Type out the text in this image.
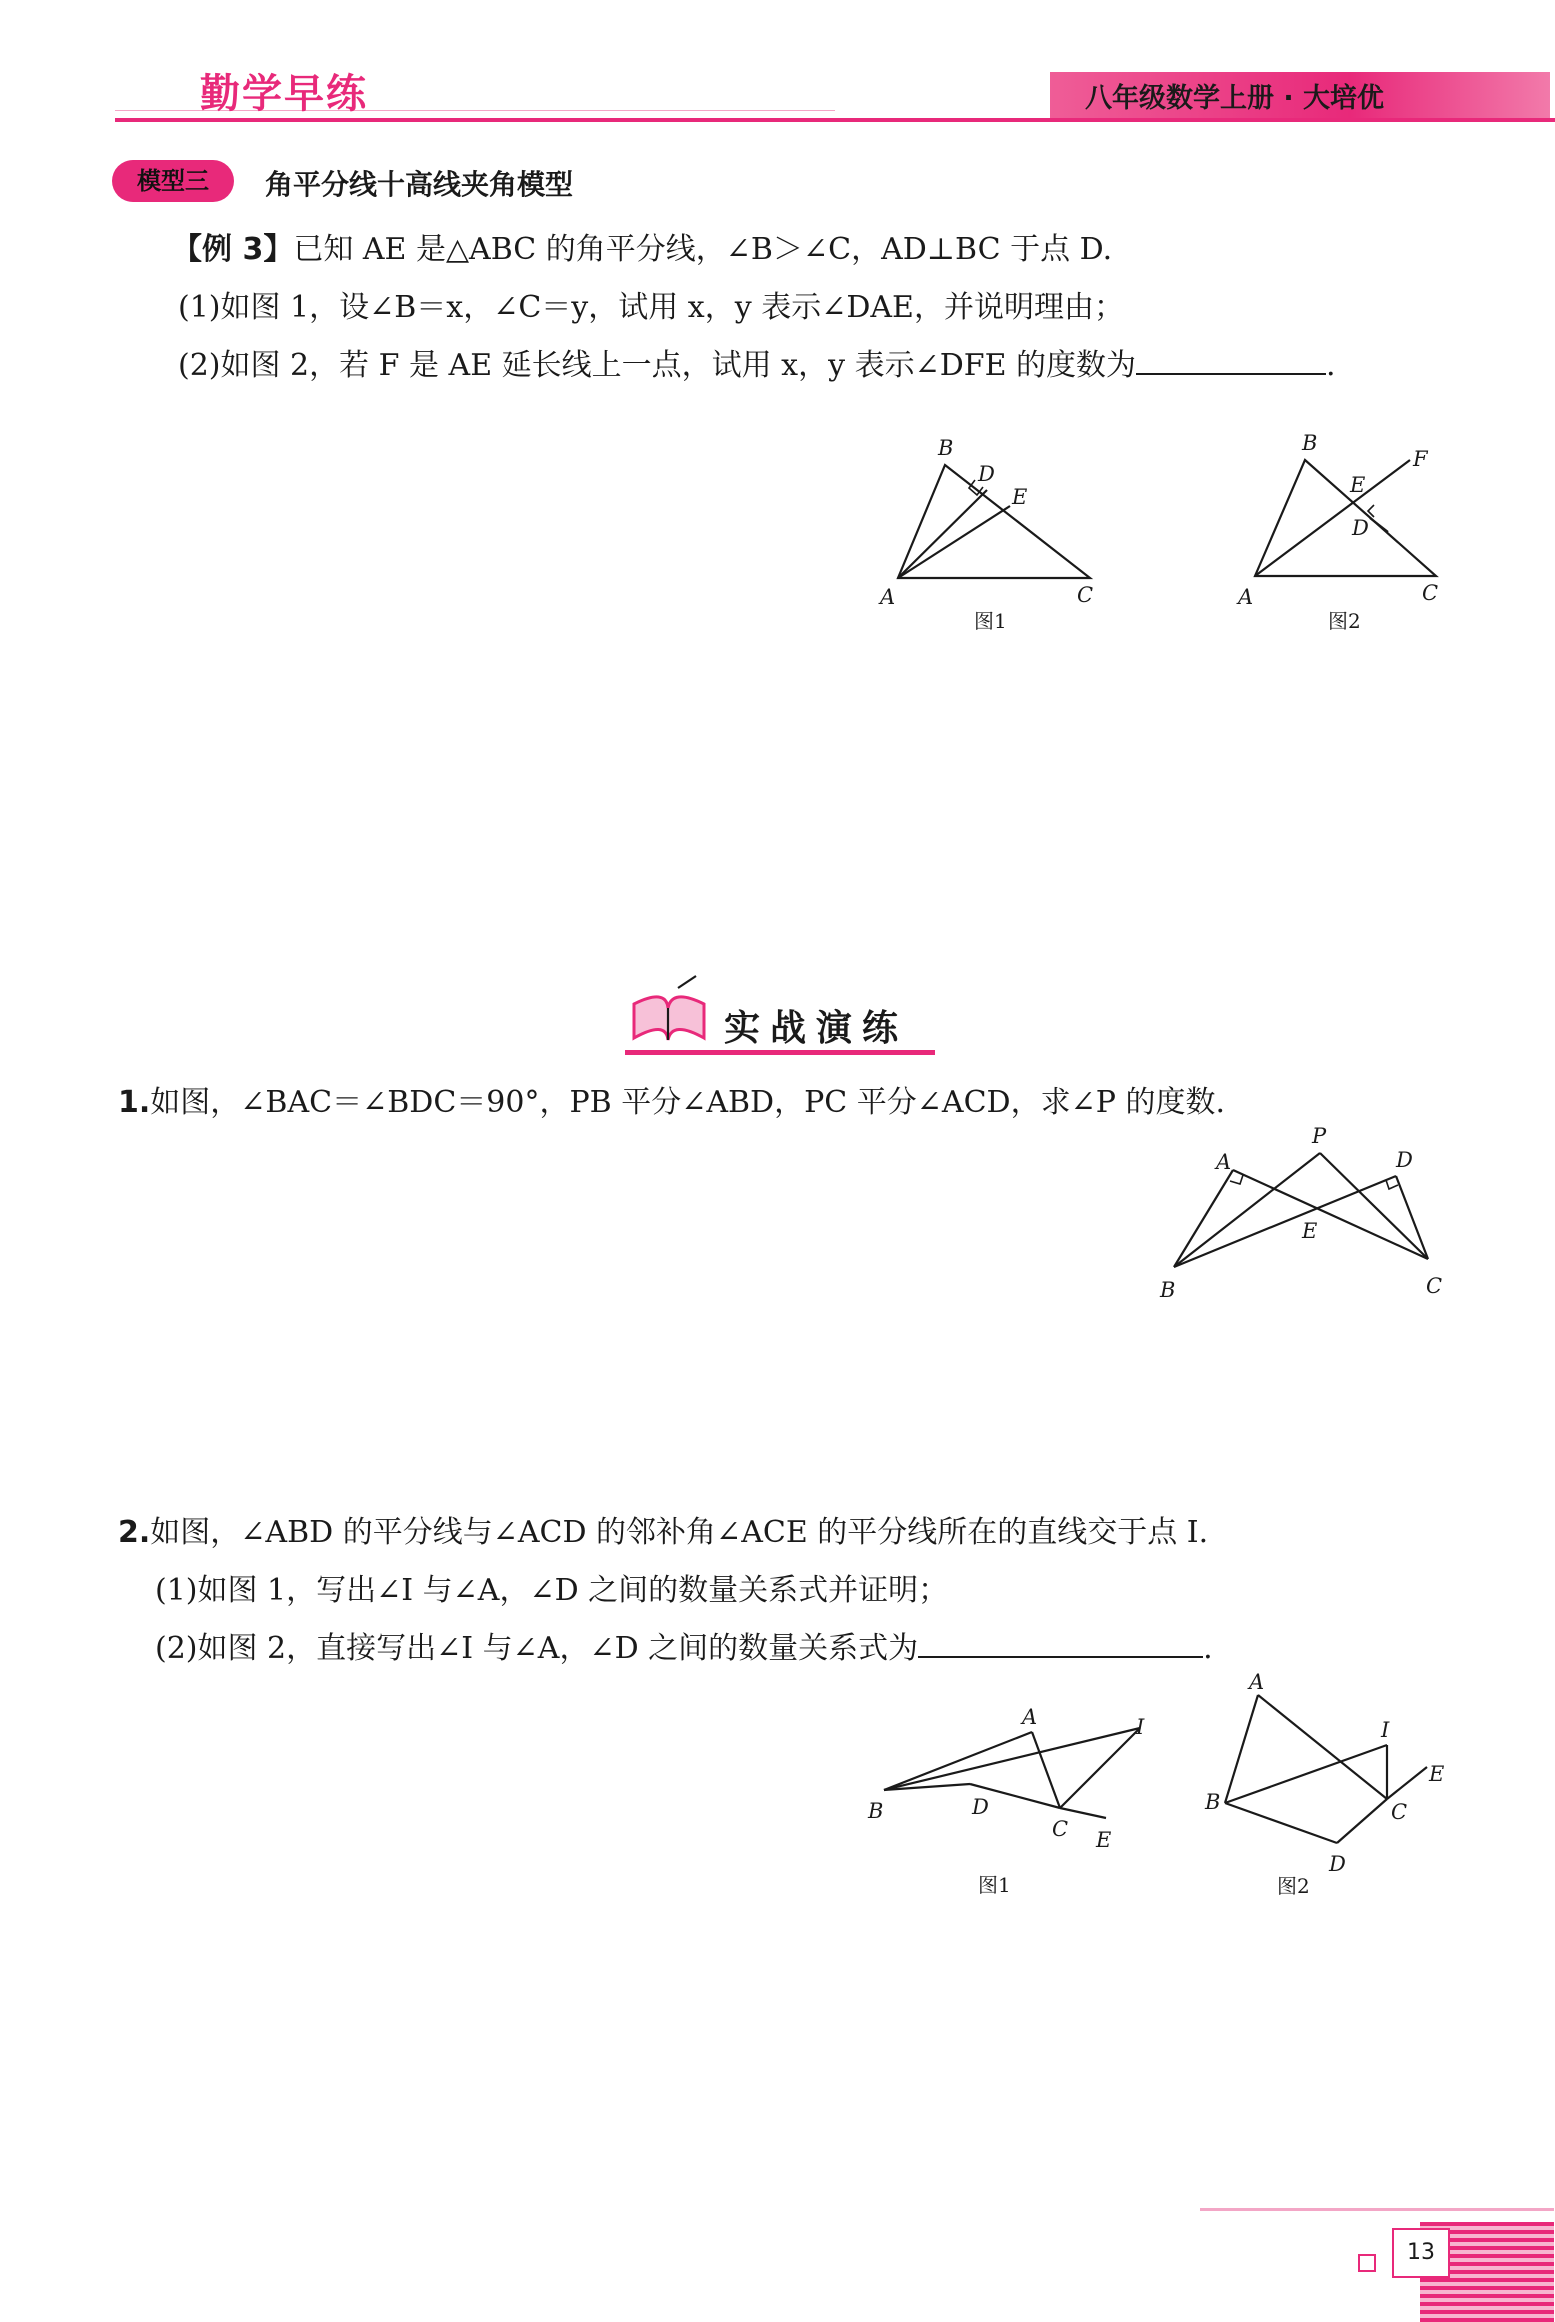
勤学早练	八年级数学上册 · 大培优
模型三	角平分线十高线夹角模型
【例 3】已知 AE 是△ABC 的角平分线，∠B＞∠C，AD⊥BC 于点 D.
(1)如图 1，设∠B＝x，∠C＝y，试用 x，y 表示∠DAE，并说明理由；
(2)如图 2，若 F 是 AE 延长线上一点，试用 x，y 表示∠DFE 的度数为	.
B
D
E
A	C
图1
B
E
F
D
A	C
图2
实战演练
1.如图，∠BAC＝∠BDC＝90°，PB 平分∠ABD，PC 平分∠ACD，求∠P 的度数.
P
A	D
E
B	C
2.如图，∠ABD 的平分线与∠ACD 的邻补角∠ACE 的平分线所在的直线交于点 I.
(1)如图 1，写出∠I 与∠A，∠D 之间的数量关系式并证明；
(2)如图 2，直接写出∠I 与∠A，∠D 之间的数量关系式为	.
A	I
B	D
C E
图1
A
I
E
B	C
D
图2
13
